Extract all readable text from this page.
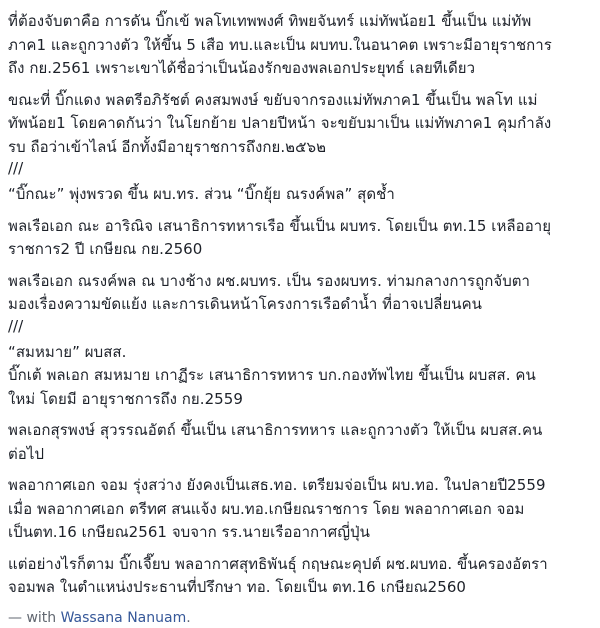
ที่ต้องจับตาคือ การดัน บิ๊กเข้ พลโทเทพพงศ์ ทิพยจันทร์ แม่ทัพน้อย1 ขึ้นเป็น แม่ทัพ
ภาค1 และถูกวางตัว ให้ขึ้น 5 เสือ ทบ.และเป็น ผบทบ.ในอนาคต เพราะมีอายุราชการ
ถึง กย.2561 เพราะเขาได้ชื่อว่าเป็นน้องรักของพลเอกประยุทธ์ เลยทีเดียว

ขณะที่ บิ๊กแดง พลตรีอภิรัชต์ คงสมพงษ์ ขยับจากรองแม่ทัพภาค1 ขึ้นเป็น พลโท แม่
ทัพน้อย1 โดยคาดกันว่า ในโยกย้าย ปลายปีหน้า จะขยับมาเป็น แม่ทัพภาค1 คุมกำลัง
รบ ถือว่าเข้าไลน์ อีกทั้งมีอายุราชการถึงกย.๒๕๖๒

///

“บิ๊กณะ” พุ่งพรวด ขึ้น ผบ.ทร. ส่วน “บิ๊กยุ้ย ณรงค์พล” สุดช้ำ

พลเรือเอก ณะ อาริณิจ เสนาธิการทหารเรือ ขึ้นเป็น ผบทร. โดยเป็น ตท.15 เหลืออายุ
ราชการ2 ปี เกษียณ กย.2560

พลเรือเอก ณรงค์พล ณ บางช้าง ผช.ผบทร. เป็น รองผบทร. ท่ามกลางการถูกจับตา
มองเรื่องความขัดแย้ง และการเดินหน้าโครงการเรือดำน้ำ ที่อาจเปลี่ยนคน

///

“สมหมาย” ผบสส.
บิ๊กเต้ พลเอก สมหมาย เกาฏีระ เสนาธิการทหาร บก.กองทัพไทย ขึ้นเป็น ผบสส. คน
ใหม่ โดยมี อายุราชการถึง กย.2559

พลเอกสุรพงษ์ สุวรรณอัตถ์ ขึ้นเป็น เสนาธิการทหาร และถูกวางตัว ให้เป็น ผบสส.คน
ต่อไป

พลอากาศเอก จอม รุ่งสว่าง ยังคงเป็นเสธ.ทอ. เตรียมจ่อเป็น ผบ.ทอ. ในปลายปี2559
เมื่อ พลอากาศเอก ตรีทศ สนแจ้ง ผบ.ทอ.เกษียณราชการ โดย พลอากาศเอก จอม
เป็นตท.16 เกษียณ2561 จบจาก รร.นายเรืออากาศญี่ปุ่น

แต่อย่างไรก็ตาม บิ๊กเจี๊ยบ พลอากาศสุทธิพันธุ์ กฤษณะคุปต์ ผช.ผบทอ. ขึ้นครองอัตรา
จอมพล ในตำแหน่งประธานที่ปรึกษา ทอ. โดยเป็น ตท.16 เกษียณ2560

— with Wassana Nanuam.
